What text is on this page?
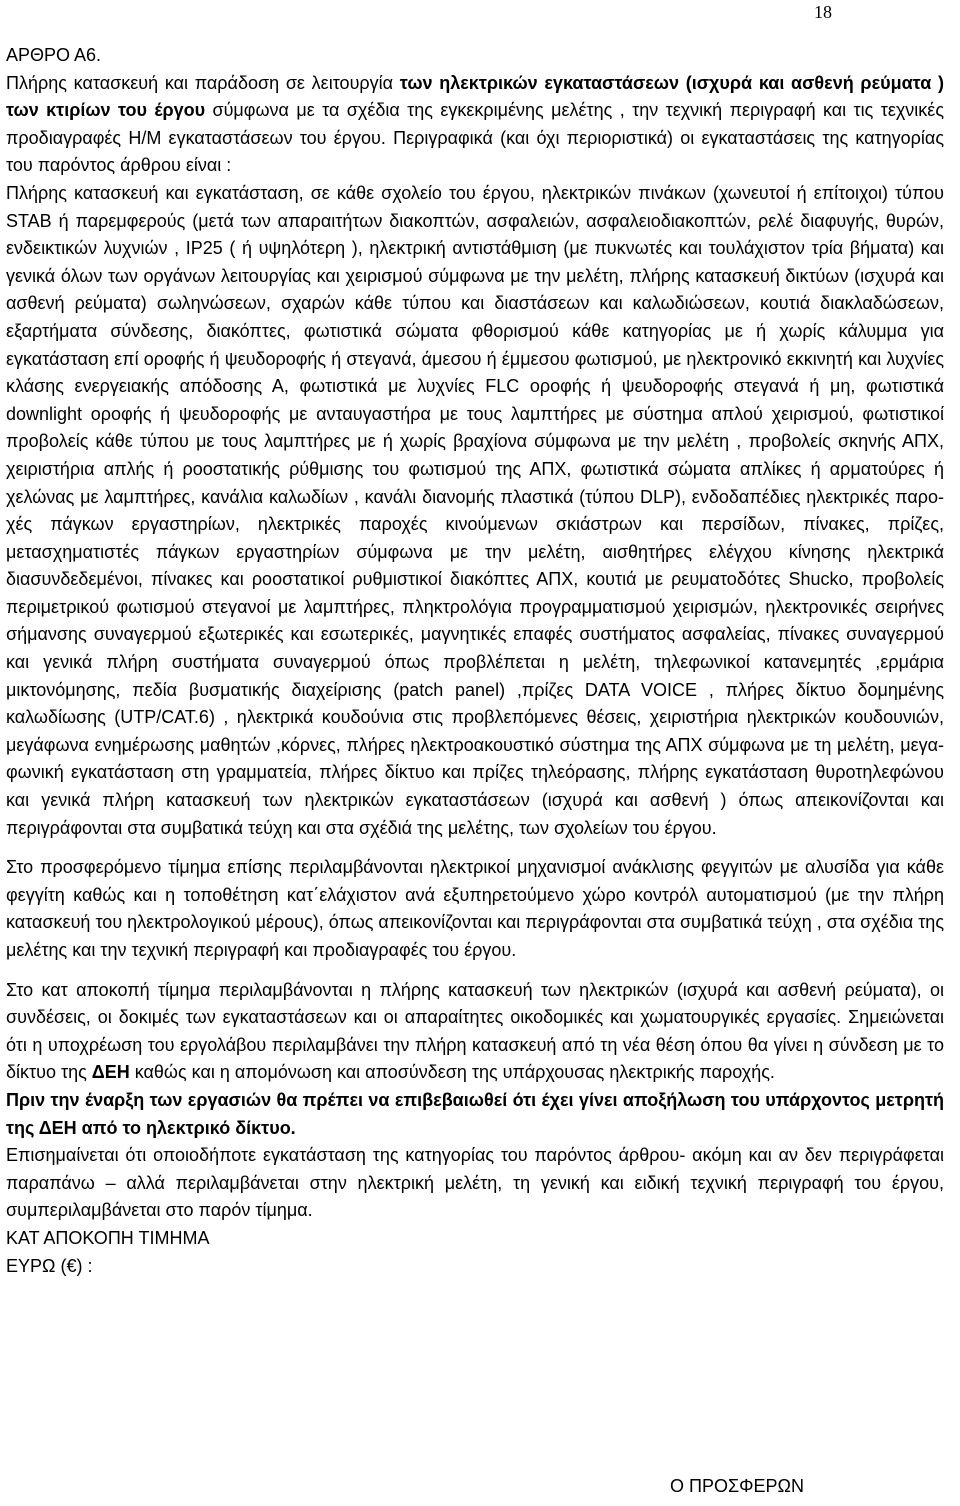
18

ΑΡΘΡΟ Α6.

Πλήρης κατασκευή και παράδοση σε λειτουργία των ηλεκτρικών εγκαταστάσεων (ισχυρά και ασθενή ρεύματα ) των κτιρίων του έργου σύμφωνα με τα σχέδια της εγκεκριμένης μελέτης , την τεχνική περιγραφή και τις τεχνικές προδιαγραφές Η/Μ εγκαταστάσεων του έργου. Περιγραφικά (και όχι περιοριστικά) οι εγκαταστάσεις της κατηγορίας του παρόντος άρθρου είναι :

Πλήρης κατασκευή και εγκατάσταση, σε κάθε σχολείο του έργου, ηλεκτρικών πινάκων (χωνευτοί ή επίτοιχοι) τύπου STAB ή παρεμφερούς (μετά των απαραιτήτων διακοπτών, ασφαλειών, ασφαλειοδιακοπτών, ρελέ διαφυγής, θυρών, ενδεικτικών λυχνιών , IP25 ( ή υψηλότερη ), ηλεκτρική αντιστάθμιση (με πυκνωτές και τουλάχιστον τρία βήματα) και γενικά όλων των οργάνων λειτουργίας και χειρισμού σύμφωνα με την μελέτη, πλήρης κατασκευή δικτύων (ισχυρά και ασθενή ρεύματα) σωληνώσεων, σχαρών κάθε τύπου και διαστάσεων και καλωδιώσεων, κουτιά διακλαδώσεων, εξαρτήματα σύνδεσης, διακόπτες, φωτιστικά σώματα φθορισμού κάθε κατηγορίας με ή χωρίς κάλυμμα για εγκατάσταση επί οροφής ή ψευδοροφής ή στεγανά, άμεσου ή έμμεσου φωτισμού, με ηλεκτρονικό εκκινητή και λυχνίες κλάσης ενεργειακής απόδοσης Α, φωτιστικά με λυχνίες FLC οροφής ή ψευδοροφής στεγανά ή μη, φωτιστικά downlight οροφής ή ψευδοροφής με ανταυγαστήρα με τους λαμπτήρες με σύστημα απλού χειρισμού, φωτιστικοί προβολείς κάθε τύπου με τους λαμπτήρες με ή χωρίς βραχίονα σύμφωνα με την μελέτη , προβολείς σκηνής ΑΠΧ, χειριστήρια απλής ή ροοστατικής ρύθμισης του φωτισμού της ΑΠΧ, φωτιστικά σώματα απλίκες ή αρματούρες ή χελώνας με λαμπτήρες, κανάλια καλωδίων , κανάλι διανομής πλαστικά (τύπου DLP), ενδοδαπέδιες ηλεκτρικές παροχές πάγκων εργαστηρίων, ηλεκτρικές παροχές κινούμενων σκιάστρων και περσίδων, πίνακες, πρίζες, μετασχηματιστές πάγκων εργαστηρίων σύμφωνα με την μελέτη, αισθητήρες ελέγχου κίνησης ηλεκτρικά διασυνδεδεμένοι, πίνακες και ροοστατικοί ρυθμιστικοί διακόπτες ΑΠΧ, κουτιά με ρευματοδότες Shucko, προβολείς περιμετρικού φωτισμού στεγανοί με λαμπτήρες, πληκτρολόγια προγραμματισμού χειρισμών, ηλεκτρονικές σειρήνες σήμανσης συναγερμού εξωτερικές και εσωτερικές, μαγνητικές επαφές συστήματος ασφαλείας, πίνακες συναγερμού και γενικά πλήρη συστήματα συναγερμού όπως προβλέπεται η μελέτη, τηλεφωνικοί κατανεμητές ,ερμάρια μικτονόμησης, πεδία βυσματικής διαχείρισης (patch panel) ,πρίζες DATA VOICE , πλήρες δίκτυο δομημένης καλωδίωσης (UTP/CAT.6) , ηλεκτρικά κουδούνια στις προβλεπόμενες θέσεις, χειριστήρια ηλεκτρικών κουδουνιών, μεγάφωνα ενημέρωσης μαθητών ,κόρνες, πλήρες ηλεκτροακουστικό σύστημα της ΑΠΧ σύμφωνα με τη μελέτη, μεγαφωνική εγκατάσταση στη γραμματεία, πλήρες δίκτυο και πρίζες τηλεόρασης, πλήρης εγκατάσταση θυροτηλεφώνου και γενικά πλήρη κατασκευή των ηλεκτρικών εγκαταστάσεων (ισχυρά και ασθενή ) όπως απεικονίζονται και περιγράφονται στα συμβατικά τεύχη και στα σχέδιά της μελέτης, των σχολείων του έργου.

Στο προσφερόμενο τίμημα επίσης περιλαμβάνονται ηλεκτρικοί μηχανισμοί ανάκλισης φεγγιτών με αλυσίδα για κάθε φεγγίτη καθώς και η τοποθέτηση κατ΄ελάχιστον ανά εξυπηρετούμενο χώρο κοντρόλ αυτοματισμού (με την πλήρη κατασκευή του ηλεκτρολογικού μέρους), όπως απεικονίζονται και περιγράφονται στα συμβατικά τεύχη , στα σχέδια της μελέτης και την τεχνική περιγραφή και προδιαγραφές του έργου.

Στο κατ αποκοπή τίμημα περιλαμβάνονται η πλήρης κατασκευή των ηλεκτρικών (ισχυρά και ασθενή ρεύματα), οι συνδέσεις, οι δοκιμές των εγκαταστάσεων και οι απαραίτητες οικοδομικές και χωματουργικές εργασίες. Σημειώνεται ότι η υποχρέωση του εργολάβου περιλαμβάνει την πλήρη κατασκευή από τη νέα θέση όπου θα γίνει η σύνδεση με το δίκτυο της ΔΕΗ καθώς και η απομόνωση και αποσύνδεση της υπάρχουσας ηλεκτρικής παροχής.

Πριν την έναρξη των εργασιών θα πρέπει να επιβεβαιωθεί ότι έχει γίνει αποξήλωση του υπάρχοντος μετρητή της ΔΕΗ από το ηλεκτρικό δίκτυο.

Επισημαίνεται ότι οποιοδήποτε εγκατάσταση της κατηγορίας του παρόντος άρθρου- ακόμη και αν δεν περιγράφεται παραπάνω – αλλά περιλαμβάνεται στην ηλεκτρική μελέτη, τη γενική και ειδική τεχνική περιγραφή του έργου, συμπεριλαμβάνεται στο παρόν τίμημα.

ΚΑΤ ΑΠΟΚΟΠΗ ΤΙΜΗΜΑ

ΕΥΡΩ (€) :

Ο ΠΡΟΣΦΕΡΩΝ
